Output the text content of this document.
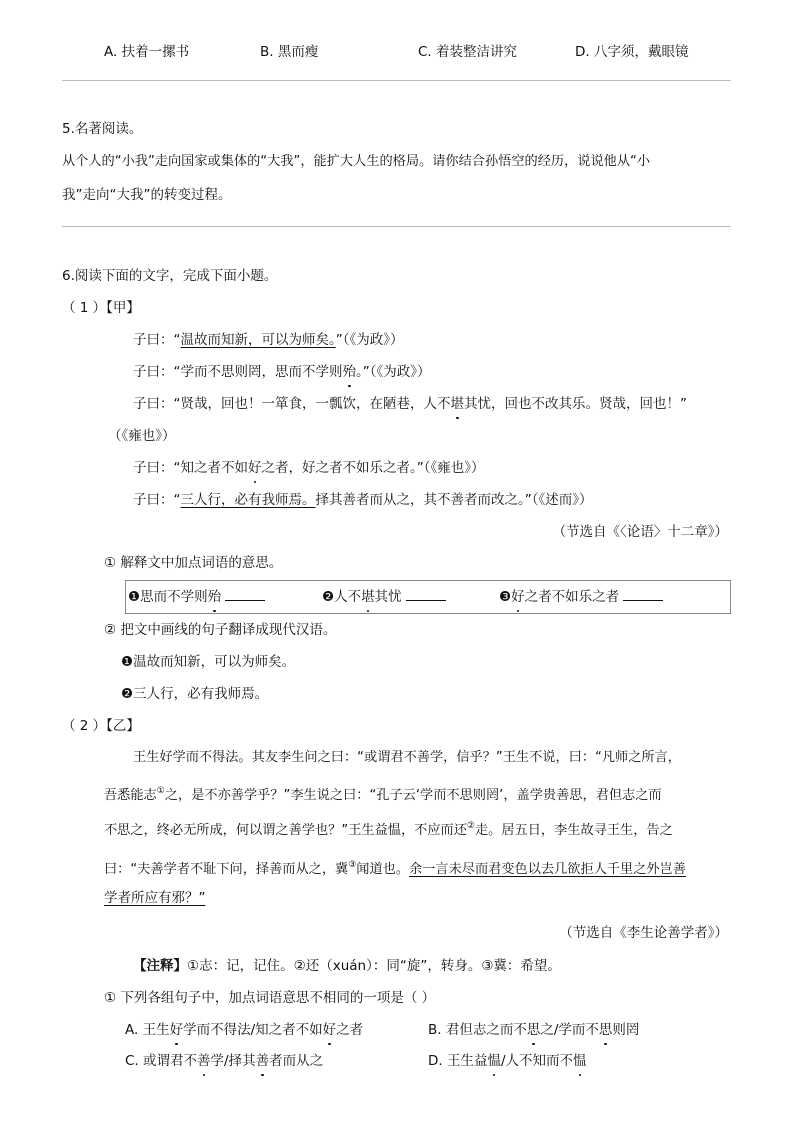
A. 扶着一摞书	B. 黑而瘦	C. 着装整洁讲究	D. 八字须，戴眼镜
5.名著阅读。
从个人的“小我”走向国家或集体的“大我”，能扩大人生的格局。请你结合孙悟空的经历，说说他从“小
我”走向“大我”的转变过程。
6.阅读下面的文字，完成下面小题。
（ 1 ）【甲】
子曰：“温故而知新，可以为师矣。”（《为政》）
子曰：“学而不思则罔，思而不学则殆。”（《为政》）
子曰：“贤哉，回也！一箪食，一瓢饮，在陋巷，人不堪其忧，回也不改其乐。贤哉，回也！”
（《雍也》）
子曰：“知之者不如好之者，好之者不如乐之者。”（《雍也》）
子曰：“三人行，必有我师焉。择其善者而从之，其不善者而改之。”（《述而》）
（节选自《〈论语〉十二章》）
① 解释文中加点词语的意思。
❶思而不学则殆	❷人不堪其忧	❸好之者不如乐之者
② 把文中画线的句子翻译成现代汉语。
❶温故而知新，可以为师矣。
❷三人行，必有我师焉。
（ 2 ）【乙】
王生好学而不得法。其友李生问之曰：“或谓君不善学，信乎？”王生不说，曰：“凡师之所言，
吾悉能志①之，是不亦善学乎？”李生说之曰：“孔子云‘学而不思则罔’，盖学贵善思，君但志之而
不思之，终必无所成，何以谓之善学也？”王生益愠，不应而还②走。居五日，李生故寻王生，告之
曰：“夫善学者不耻下问，择善而从之，冀③闻道也。余一言未尽而君变色以去几欲拒人千里之外岂善
学者所应有邪？”
（节选自《李生论善学者》）
【注释】①志：记，记住。②还（xuán）：同“旋”，转身。③冀：希望。
① 下列各组句子中，加点词语意思不相同的一项是（ ）
A. 王生好学而不得法/知之者不如好之者	B. 君但志之而不思之/学而不思则罔
C. 或谓君不善学/择其善者而从之	D. 王生益愠/人不知而不愠
